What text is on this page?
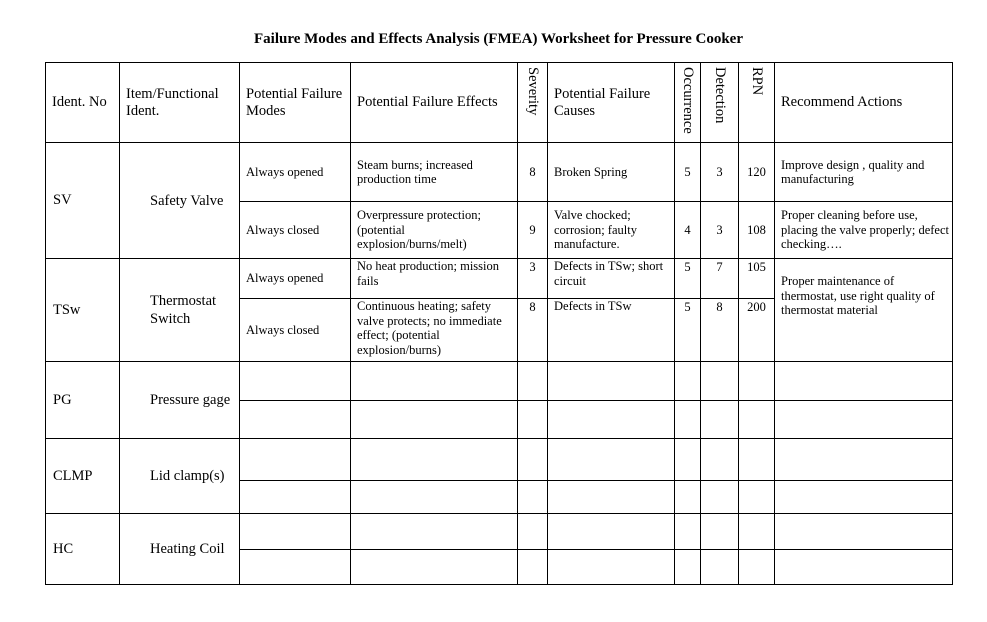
Failure Modes and Effects Analysis (FMEA) Worksheet for Pressure Cooker
Ident. No	Item/Functional Ident.	Potential Failure Modes	Potential Failure Effects	Severity	Potential Failure Causes	Occurrence	Detection	RPN	Recommend Actions
SV	Safety Valve	Always opened	Steam burns; increased production time	8	Broken Spring	5	3	120	Improve design , quality and manufacturing
		Always closed	Overpressure protection; (potential explosion/burns/melt)	9	Valve chocked; corrosion; faulty manufacture.	4	3	108	Proper cleaning before use, placing the valve properly; defect checking….
TSw	Thermostat Switch	Always opened	No heat production; mission fails	3	Defects in TSw; short circuit	5	7	105	Proper maintenance of thermostat, use right quality of thermostat material
		Always closed	Continuous heating; safety valve protects; no immediate effect; (potential explosion/burns)	8	Defects in TSw	5	8	200	
PG	Pressure gage								

CLMP	Lid clamp(s)								

HC	Heating Coil								
